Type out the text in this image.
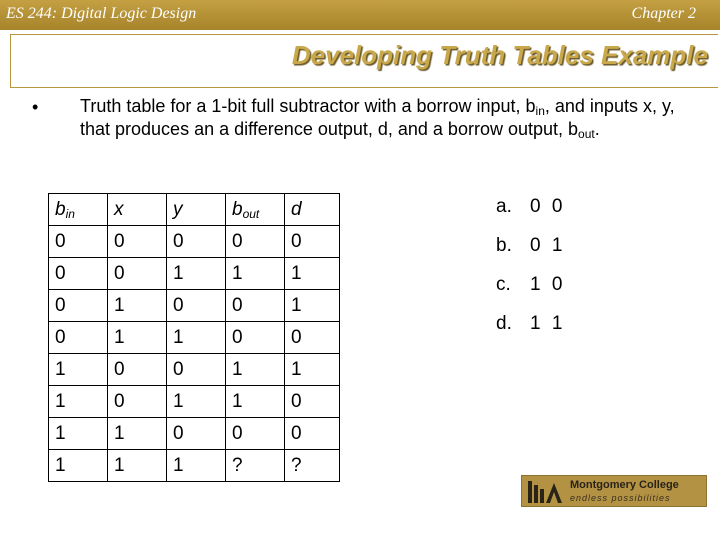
ES 244: Digital Logic Design	Chapter 2
Developing Truth Tables Example
• Truth table for a 1-bit full subtractor with a borrow input, $b_{in}$, and inputs x, y, that produces an a difference output, d, and a borrow output, $b_{out}$.
$b_{in}$	x	y	$b_{out}$	d
0	0	0	0	0
0	0	1	1	1
0	1	0	0	1
0	1	1	0	0
1	0	0	1	1
1	0	1	1	0
1	1	0	0	0
1	1	1	?	?
a. 0 0
b. 0 1
c.	1 0
d. 1 1
Montgomery College
endless possibilities
